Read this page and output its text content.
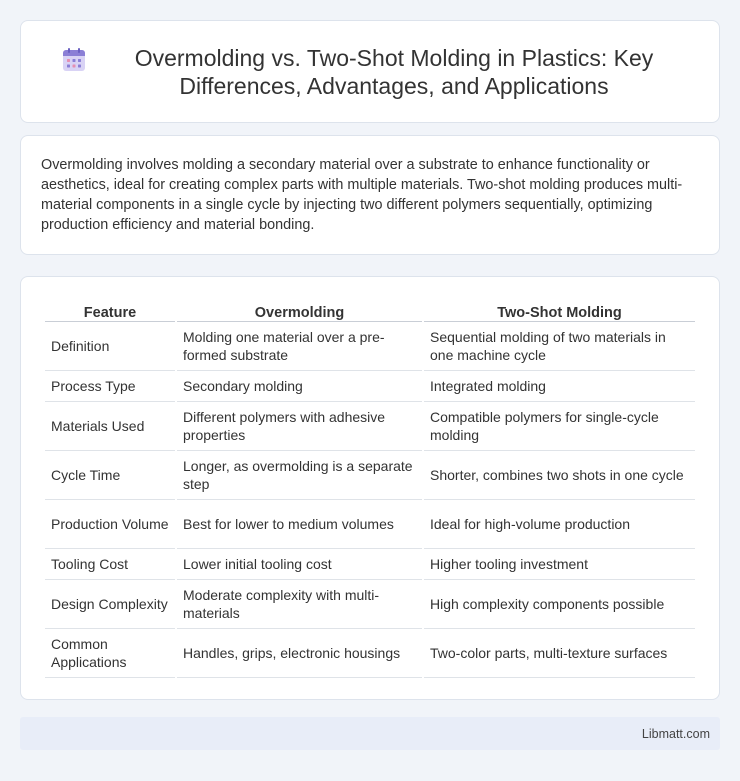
Overmolding vs. Two-Shot Molding in Plastics: Key Differences, Advantages, and Applications

Overmolding involves molding a secondary material over a substrate to enhance functionality or aesthetics, ideal for creating complex parts with multiple materials. Two-shot molding produces multi-material components in a single cycle by injecting two different polymers sequentially, optimizing production efficiency and material bonding.

Feature	Overmolding	Two-Shot Molding
Definition	Molding one material over a pre-formed substrate	Sequential molding of two materials in one machine cycle
Process Type	Secondary molding	Integrated molding
Materials Used	Different polymers with adhesive properties	Compatible polymers for single-cycle molding
Cycle Time	Longer, as overmolding is a separate step	Shorter, combines two shots in one cycle
Production Volume	Best for lower to medium volumes	Ideal for high-volume production
Tooling Cost	Lower initial tooling cost	Higher tooling investment
Design Complexity	Moderate complexity with multi-materials	High complexity components possible
Common Applications	Handles, grips, electronic housings	Two-color parts, multi-texture surfaces
Libmatt.com
